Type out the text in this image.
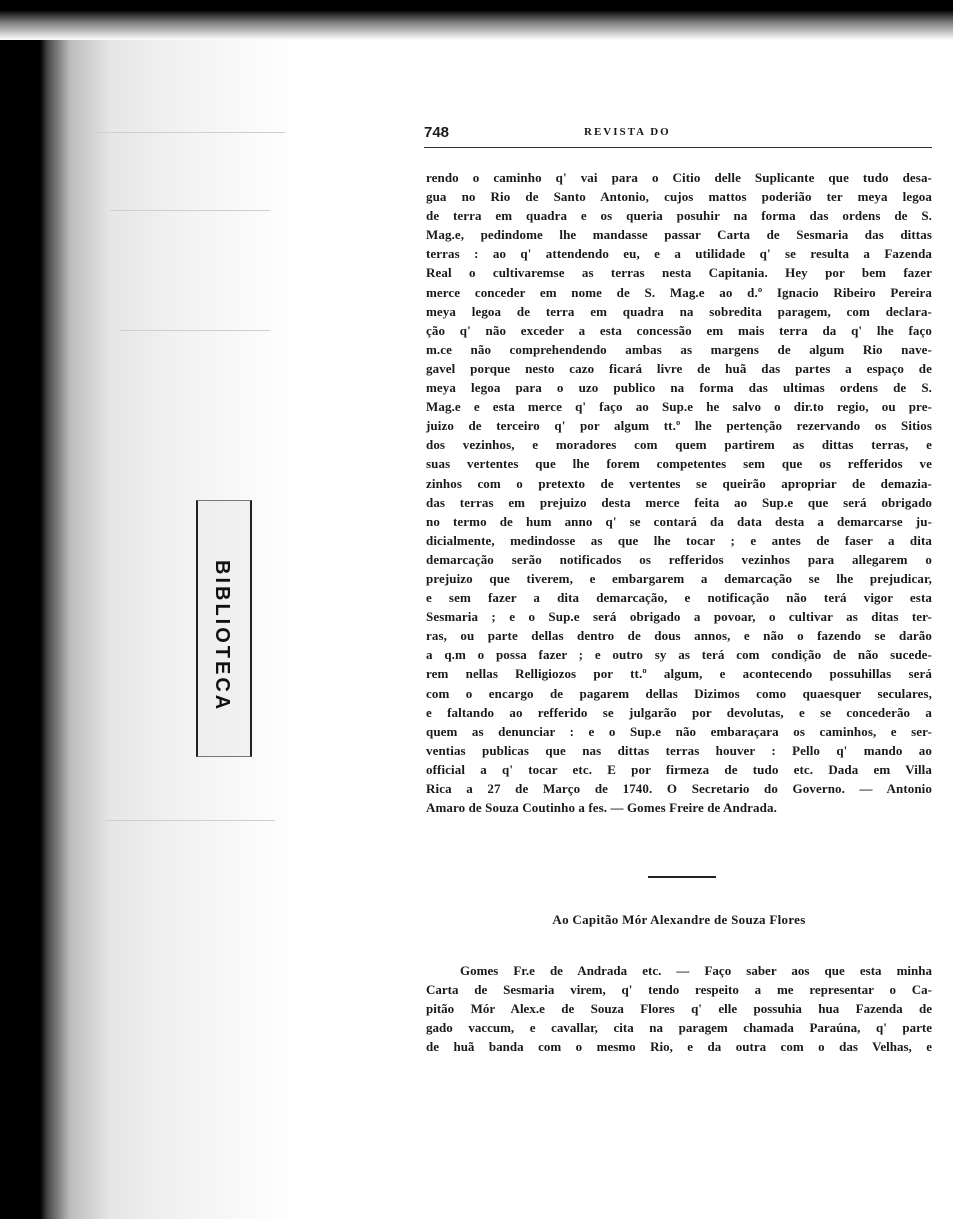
BIBLIOTECA
748	REVISTA DO
rendo o caminho q' vai para o Citio delle Suplicante que tudo desa-
gua no Rio de Santo Antonio, cujos mattos poderião ter meya legoa
de terra em quadra e os queria posuhir na forma das ordens de S.
Mag.e, pedindome lhe mandasse passar Carta de Sesmaria das dittas
terras : ao q' attendendo eu, e a utilidade q' se resulta a Fazenda
Real o cultivaremse as terras nesta Capitania. Hey por bem fazer
merce conceder em nome de S. Mag.e ao d.º Ignacio Ribeiro Pereira
meya legoa de terra em quadra na sobredita paragem, com declara-
ção q' não exceder a esta concessão em mais terra da q' lhe faço
m.ce não comprehendendo ambas as margens de algum Rio nave-
gavel porque nesto cazo ficará livre de huã das partes a espaço de
meya legoa para o uzo publico na forma das ultimas ordens de S.
Mag.e e esta merce q' faço ao Sup.e he salvo o dir.to regio, ou pre-
juizo de terceiro q' por algum tt.º lhe pertenção rezervando os Sitios
dos vezinhos, e moradores com quem partirem as dittas terras, e
suas vertentes que lhe forem competentes sem que os refferidos ve
zinhos com o pretexto de vertentes se queirão apropriar de demazia-
das terras em prejuizo desta merce feita ao Sup.e que será obrigado
no termo de hum anno q' se contará da data desta a demarcarse ju-
dicialmente, medindosse as que lhe tocar ; e antes de faser a dita
demarcação serão notificados os refferidos vezinhos para allegarem o
prejuizo que tiverem, e embargarem a demarcação se lhe prejudicar,
e sem fazer a dita demarcação, e notificação não terá vigor esta
Sesmaria ; e o Sup.e será obrigado a povoar, o cultivar as ditas ter-
ras, ou parte dellas dentro de dous annos, e não o fazendo se darão
a q.m o possa fazer ; e outro sy as terá com condição de não sucede-
rem nellas Relligiozos por tt.º algum, e acontecendo possuhillas será
com o encargo de pagarem dellas Dizimos como quaesquer seculares,
e faltando ao refferido se julgarão por devolutas, e se concederão a
quem as denunciar : e o Sup.e não embaraçara os caminhos, e ser-
ventias publicas que nas dittas terras houver : Pello q' mando ao
official a q' tocar etc. E por firmeza de tudo etc. Dada em Villa
Rica a 27 de Março de 1740. O Secretario do Governo. — Antonio
Amaro de Souza Coutinho a fes. — Gomes Freire de Andrada.
Ao Capitão Mór Alexandre de Souza Flores
Gomes Fr.e de Andrada etc. — Faço saber aos que esta minha
Carta de Sesmaria virem, q' tendo respeito a me representar o Ca-
pitão Mór Alex.e de Souza Flores q' elle possuhia hua Fazenda de
gado vaccum, e cavallar, cita na paragem chamada Paraúna, q' parte
de huã banda com o mesmo Rio, e da outra com o das Velhas, e
